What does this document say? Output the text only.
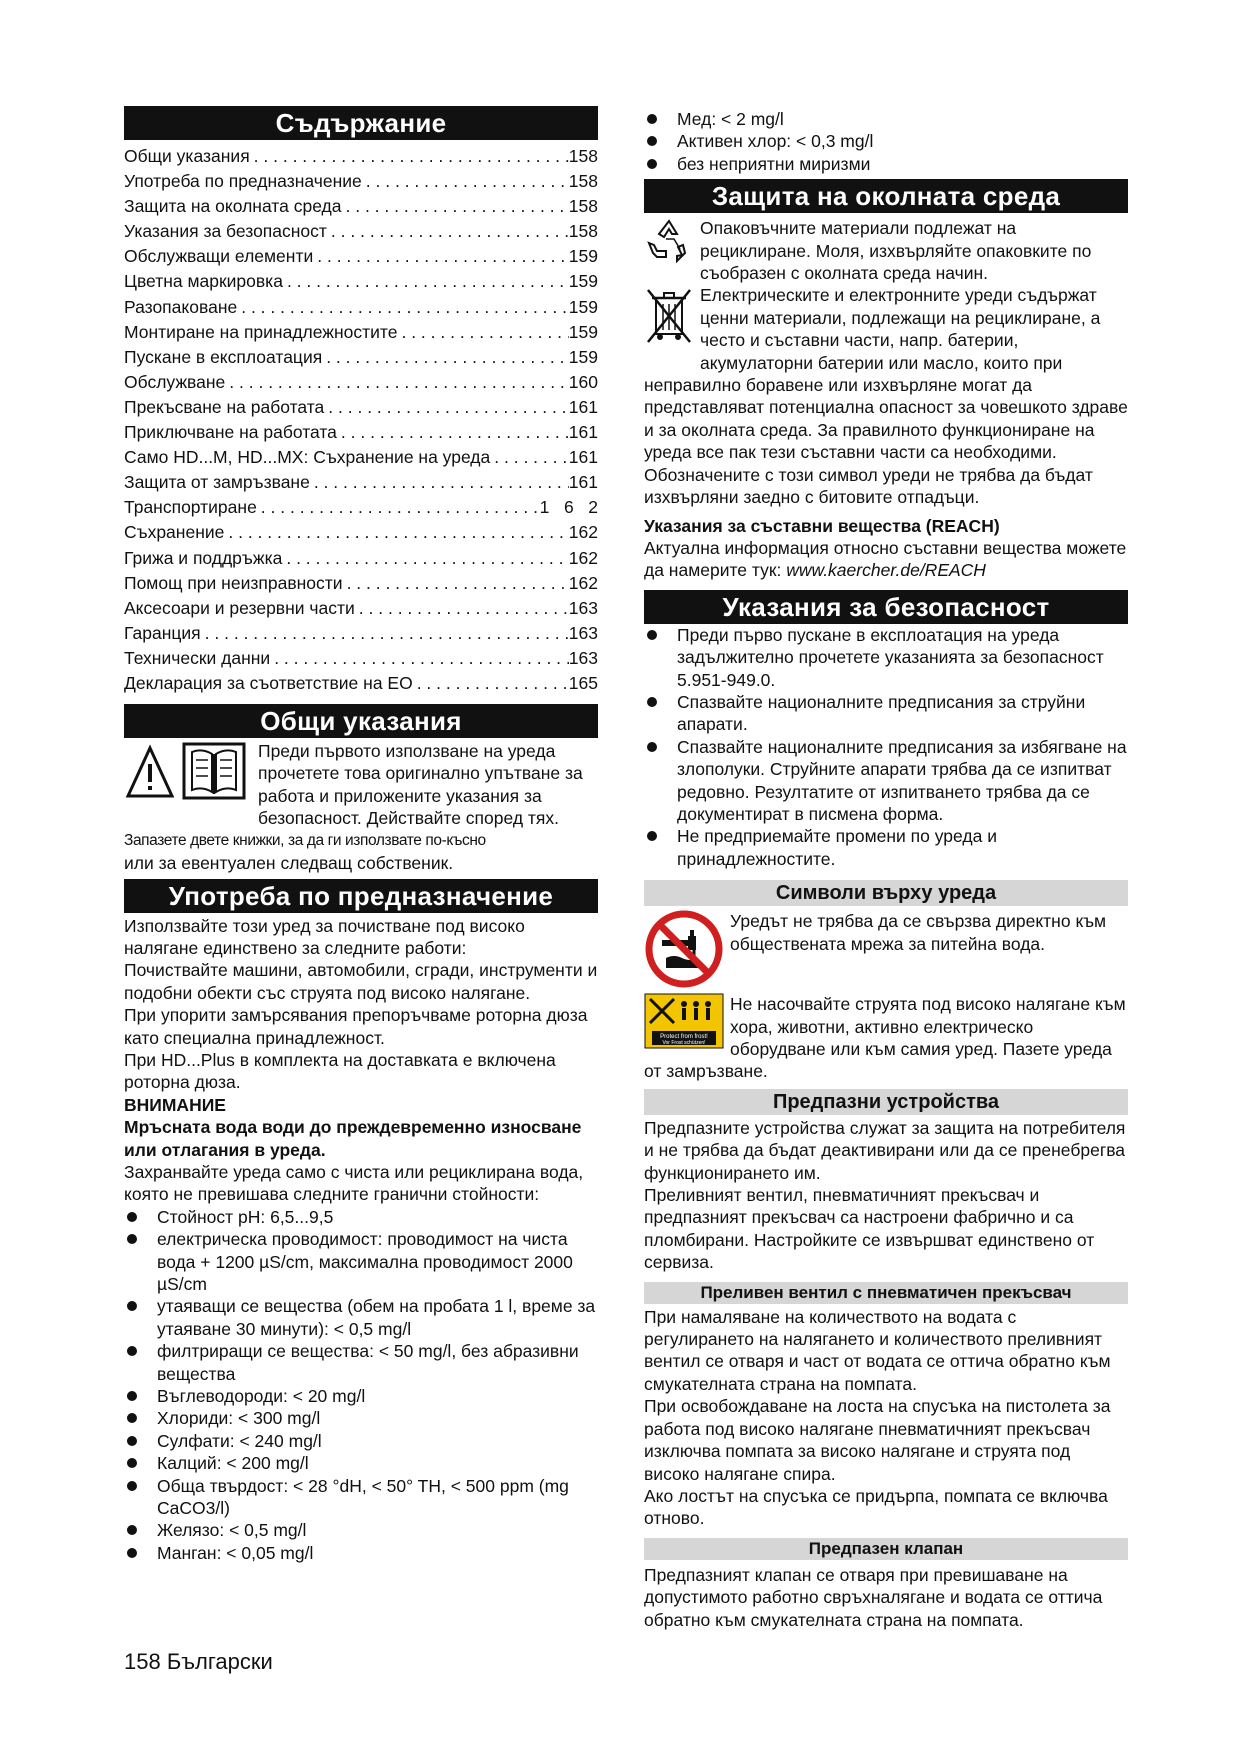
Съдържание
Общи указания . . .	158
Употреба по предназначение . . .	158
Защита на околната среда . . .	158
Указания за безопасност . . .	158
Обслужващи елементи . . .	159
Цветна маркировка . . .	159
Разопаковане . . .	159
Монтиране на принадлежностите . . .	159
Пускане в експлоатация . . .	159
Обслужване . . .	160
Прекъсване на работата . . .	161
Приключване на работата . . .	161
Само HD...M, HD...MX: Съхранение на уреда . . .	161
Защита от замръзване . . .	161
Транспортиране . . .	1   6   2
Съхранение . . .	162
Грижа и поддръжка . . .	162
Помощ при неизправности . . .	162
Аксесоари и резервни части . . .	163
Гаранция . . .	163
Технически данни . . .	163
Декларация за съответствие на ЕО . . .	165
Общи указания
Преди първото използване на уреда прочетете това оригинално упътване за работа и приложените указания за безопасност. Действайте според тях.
Запазете двете книжки, за да ги използвате по-късно
или за евентуален следващ собственик.
Употреба по предназначение
Използвайте този уред за почистване под високо налягане единствено за следните работи:
Почиствайте машини, автомобили, сгради, инструменти и подобни обекти със струята под високо налягане.
При упорити замърсявания препоръчваме роторна дюза като специална принадлежност.
При HD...Plus в комплекта на доставката е включена роторна дюза.
ВНИМАНИЕ
Мръсната вода води до преждевременно износване или отлагания в уреда.
Захранвайте уреда само с чиста или рециклирана вода, която не превишава следните гранични стойности:
Стойност pH: 6,5...9,5
електрическа проводимост: проводимост на чиста вода + 1200 µS/cm, максимална проводимост 2000 µS/cm
утаяващи се вещества (обем на пробата 1 l, време за утаяване 30 минути): < 0,5 mg/l
филтриращи се вещества: < 50 mg/l, без абразивни вещества
Въглеводороди: < 20 mg/l
Хлориди: < 300 mg/l
Сулфати: < 240 mg/l
Калций: < 200 mg/l
Обща твърдост: < 28 °dH, < 50° TH, < 500 ppm (mg CaCO3/l)
Желязо: < 0,5 mg/l
Манган: < 0,05 mg/l
Мед: < 2 mg/l
Активен хлор: < 0,3 mg/l
без неприятни миризми
Защита на околната среда
Опаковъчните материали подлежат на рециклиране. Моля, изхвърляйте опаковките по съобразен с околната среда начин.
Електрическите и електронните уреди съдържат ценни материали, подлежащи на рециклиране, а често и съставни части, напр. батерии, акумулаторни батерии или масло, които при неправилно боравене или изхвърляне могат да представляват потенциална опасност за човешкото здраве и за околната среда. За правилното функциониране на уреда все пак тези съставни части са необходими. Обозначените с този символ уреди не трябва да бъдат изхвърляни заедно с битовите отпадъци.
Указания за съставни вещества (REACH)
Актуална информация относно съставни вещества можете да намерите тук: www.kaercher.de/REACH
Указания за безопасност
Преди първо пускане в експлоатация на уреда задължително прочетете указанията за безопасност 5.951-949.0.
Спазвайте националните предписания за струйни апарати.
Спазвайте националните предписания за избягване на злополуки. Струйните апарати трябва да се изпитват редовно. Резултатите от изпитването трябва да се документират в писмена форма.
Не предприемайте промени по уреда и принадлежностите.
Символи върху уреда
Уредът не трябва да се свързва директно към обществената мрежа за питейна вода.
Protect from frost!
Vor Frost schützen!
Не насочвайте струята под високо налягане към хора, животни, активно електрическо оборудване или към самия уред. Пазете уреда от замръзване.
Предпазни устройства
Предпазните устройства служат за защита на потребителя и не трябва да бъдат деактивирани или да се пренебрегва функционирането им.
Преливният вентил, пневматичният прекъсвач и предпазният прекъсвач са настроени фабрично и са пломбирани. Настройките се извършват единствено от сервиза.
Преливен вентил с пневматичен прекъсвач
При намаляване на количеството на водата с регулирането на налягането и количеството преливният вентил се отваря и част от водата се оттича обратно към смукателната страна на помпата.
При освобождаване на лоста на спусъка на пистолета за работа под високо налягане пневматичният прекъсвач изключва помпата за високо налягане и струята под високо налягане спира.
Ако лостът на спусъка се придърпа, помпата се включва отново.
Предпазен клапан
Предпазният клапан се отваря при превишаване на допустимото работно свръхналягане и водата се оттича обратно към смукателната страна на помпата.
158 Български
